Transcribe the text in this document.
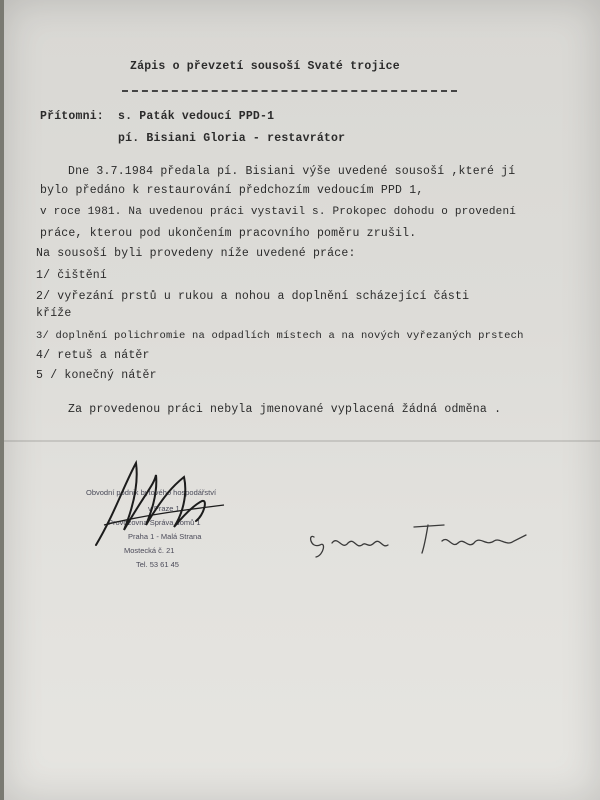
Zápis o převzetí sousoší Svaté trojice
Přítomni: s. Paták vedoucí PPD-1
pí. Bisiani Gloria - restavrátor
Dne 3.7.1984 předala pí. Bisiani výše uvedené sousoší ,které jí
bylo předáno k restaurování předchozím vedoucím PPD 1,
v roce 1981. Na uvedenou práci vystavil s. Prokopec dohodu o provedení
práce, kterou pod ukončením pracovního poměru zrušil.
Na sousoší byli provedeny níže uvedené práce:
1/ čištění
2/ vyřezání prstů u rukou a nohou a doplnění scházející části
kříže
3/ doplnění polichromie na odpadlích místech a na nových vyřezaných prstech
4/ retuš a nátěr
5 / konečný nátěr
Za provedenou práci nebyla jmenované vyplacená žádná odměna .
Obvodní podnik bytového hospodářství
v Praze 1
Provozovna Správa domů 1
Praha 1 - Malá Strana
Mostecká č. 21
Tel. 53 61 45
